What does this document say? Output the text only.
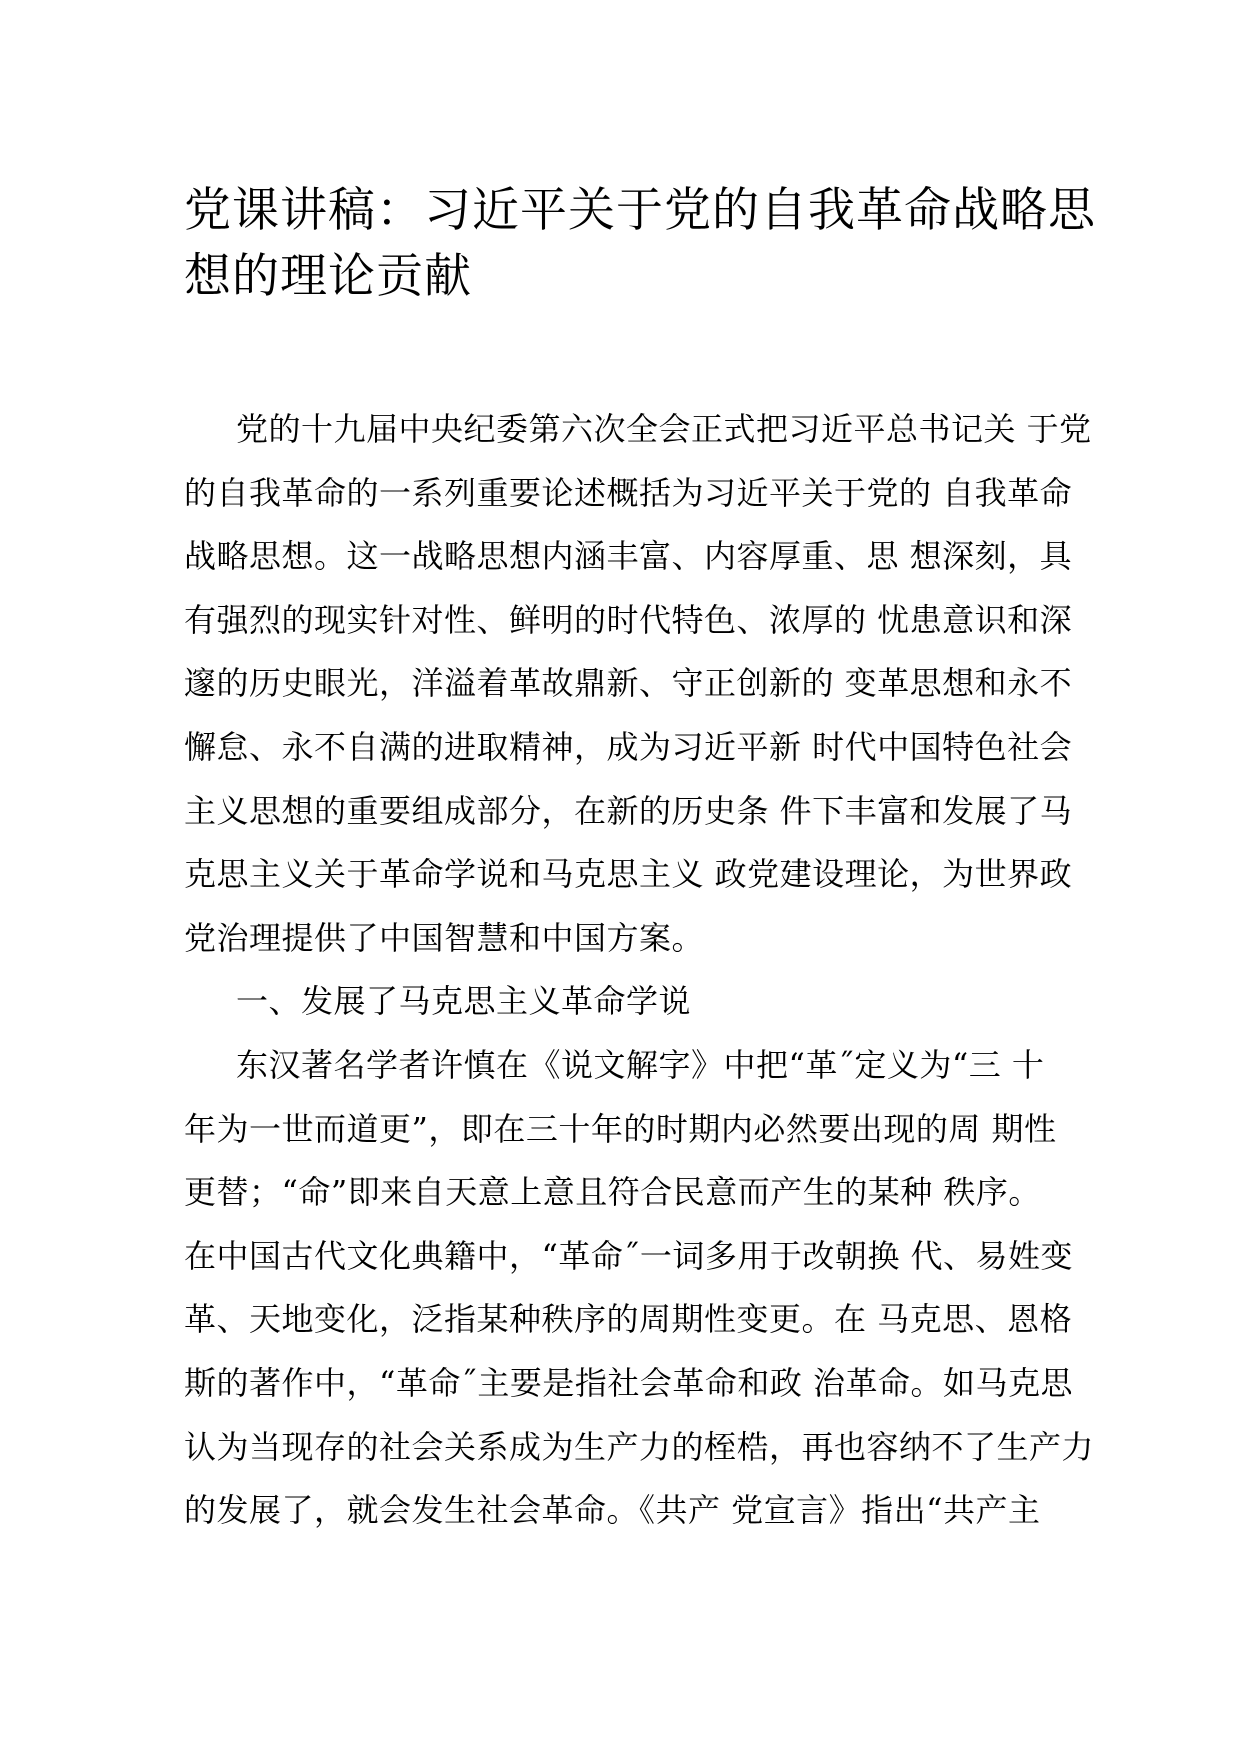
党课讲稿：习近平关于党的自我革命战略思
想的理论贡献
党的十九届中央纪委第六次全会正式把习近平总书记关 于党
的自我革命的一系列重要论述概括为习近平关于党的 自我革命
战略思想。这一战略思想内涵丰富、内容厚重、思 想深刻，具
有强烈的现实针对性、鲜明的时代特色、浓厚的 忧患意识和深
邃的历史眼光，洋溢着革故鼎新、守正创新的 变革思想和永不
懈怠、永不自满的进取精神，成为习近平新 时代中国特色社会
主义思想的重要组成部分，在新的历史条 件下丰富和发展了马
克思主义关于革命学说和马克思主义 政党建设理论，为世界政
党治理提供了中国智慧和中国方案。
一、发展了马克思主义革命学说
东汉著名学者许慎在《说文解字》中把“革˝定义为“三 十
年为一世而道更”，即在三十年的时期内必然要出现的周 期性
更替；“命”即来自天意上意且符合民意而产生的某种 秩序。
在中国古代文化典籍中，“革命˝一词多用于改朝换 代、易姓变
革、天地变化，泛指某种秩序的周期性变更。在 马克思、恩格
斯的著作中，“革命˝主要是指社会革命和政 治革命。如马克思
认为当现存的社会关系成为生产力的桎梏，再也容纳不了生产力
的发展了，就会发生社会革命。《共产 党宣言》指出“共产主
